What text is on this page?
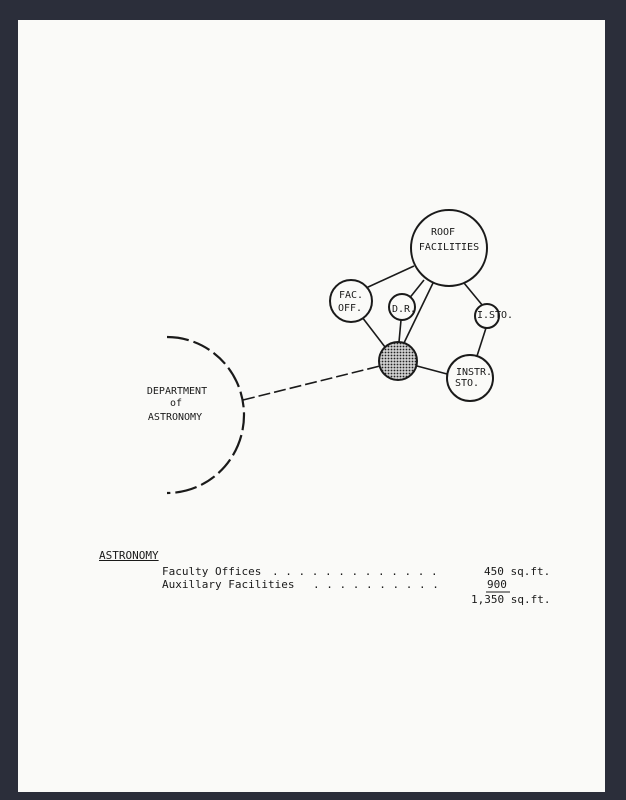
ROOF
FACILITIES
FAC.
OFF.	D.R.
I.STO.
INSTR.
STO.
DEPARTMENT
of
ASTRONOMY
ASTRONOMY
Faculty Offices . . . . . . . . . . . . .	450 sq.ft.
Auxillary Facilities . . . . . . . . . .	900
1,350 sq.ft.
